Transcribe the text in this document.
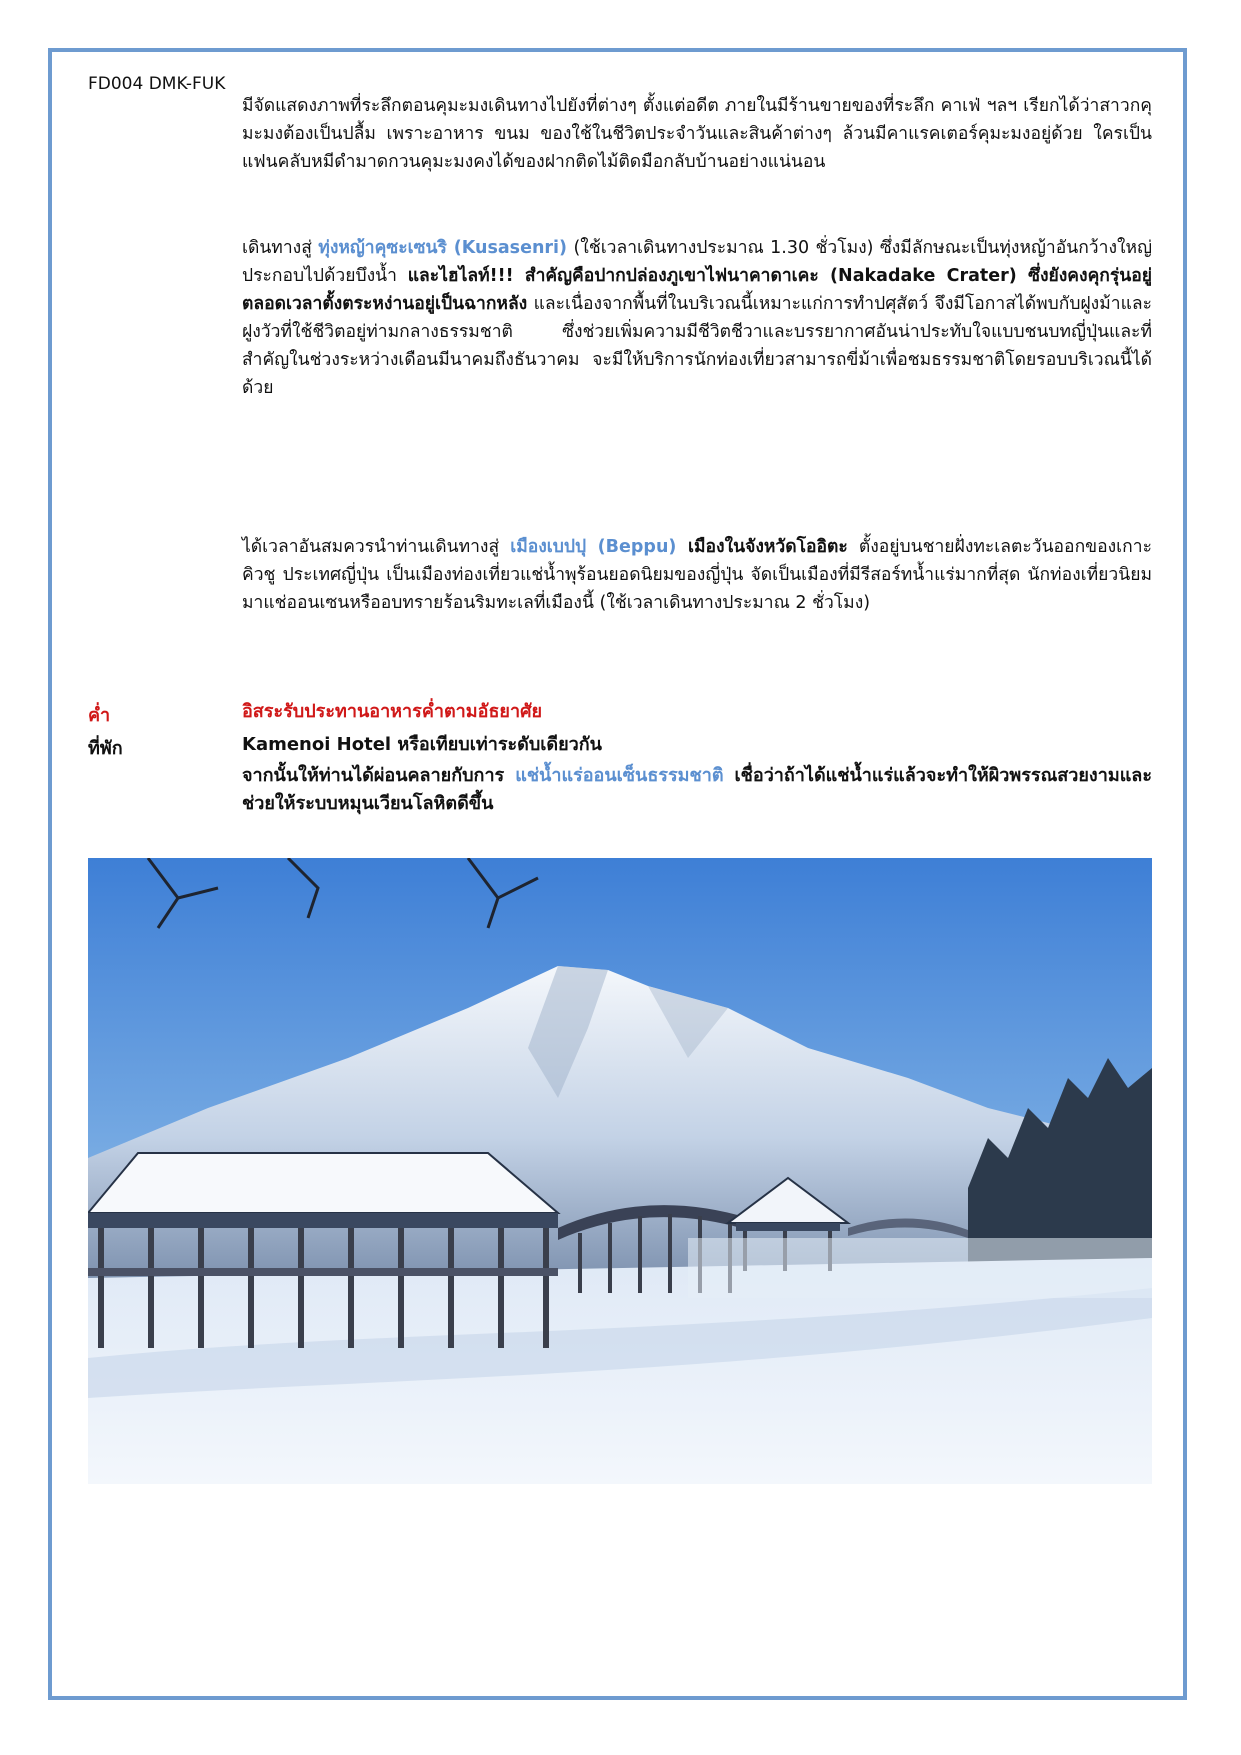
FD004 DMK-FUK

มีจัดแสดงภาพที่ระลึกตอนคุมะมงเดินทางไปยังที่ต่างๆ ตั้งแต่อดีต ภายในมีร้านขายของที่ระลึก คาเฟ่ ฯลฯ เรียกได้ว่าสาวกคุมะมงต้องเป็นปลื้ม เพราะอาหาร ขนม ของใช้ในชีวิตประจำวันและสินค้าต่างๆ ล้วนมีคาแรคเตอร์คุมะมงอยู่ด้วย ใครเป็นแฟนคลับหมีดำมาดกวนคุมะมงคงได้ของฝากติดไม้ติดมือกลับบ้านอย่างแน่นอน

เดินทางสู่ ทุ่งหญ้าคุซะเซนริ (Kusasenri) (ใช้เวลาเดินทางประมาณ 1.30 ชั่วโมง) ซึ่งมีลักษณะเป็นทุ่งหญ้าอันกว้างใหญ่ ประกอบไปด้วยบึงน้ำ และไฮไลท์!!! สำคัญคือปากปล่องภูเขาไฟนาคาดาเคะ (Nakadake Crater) ซึ่งยังคงคุกรุ่นอยู่ตลอดเวลาตั้งตระหง่านอยู่เป็นฉากหลัง และเนื่องจากพื้นที่ในบริเวณนี้เหมาะแก่การทำปศุสัตว์ จึงมีโอกาสได้พบกับฝูงม้าและฝูงวัวที่ใช้ชีวิตอยู่ท่ามกลางธรรมชาติ ซึ่งช่วยเพิ่มความมีชีวิตชีวาและบรรยากาศอันน่าประทับใจแบบชนบทญี่ปุ่นและที่สำคัญในช่วงระหว่างเดือนมีนาคมถึงธันวาคม จะมีให้บริการนักท่องเที่ยวสามารถขี่ม้าเพื่อชมธรรมชาติโดยรอบบริเวณนี้ได้ด้วย

ได้เวลาอันสมควรนำท่านเดินทางสู่ เมืองเบปปุ (Beppu) เมืองในจังหวัดโออิตะ ตั้งอยู่บนชายฝั่งทะเลตะวันออกของเกาะคิวชู ประเทศญี่ปุ่น เป็นเมืองท่องเที่ยวแช่น้ำพุร้อนยอดนิยมของญี่ปุ่น จัดเป็นเมืองที่มีรีสอร์ทน้ำแร่มากที่สุด นักท่องเที่ยวนิยมมาแช่ออนเซนหรืออบทรายร้อนริมทะเลที่เมืองนี้ (ใช้เวลาเดินทางประมาณ 2 ชั่วโมง)

ค่ำ	อิสระรับประทานอาหารค่ำตามอัธยาศัย
ที่พัก	Kamenoi Hotel หรือเทียบเท่าระดับเดียวกัน

จากนั้นให้ท่านได้ผ่อนคลายกับการ แช่น้ำแร่ออนเซ็นธรรมชาติ เชื่อว่าถ้าได้แช่น้ำแร่แล้วจะทำให้ผิวพรรณสวยงามและช่วยให้ระบบหมุนเวียนโลหิตดีขึ้น
